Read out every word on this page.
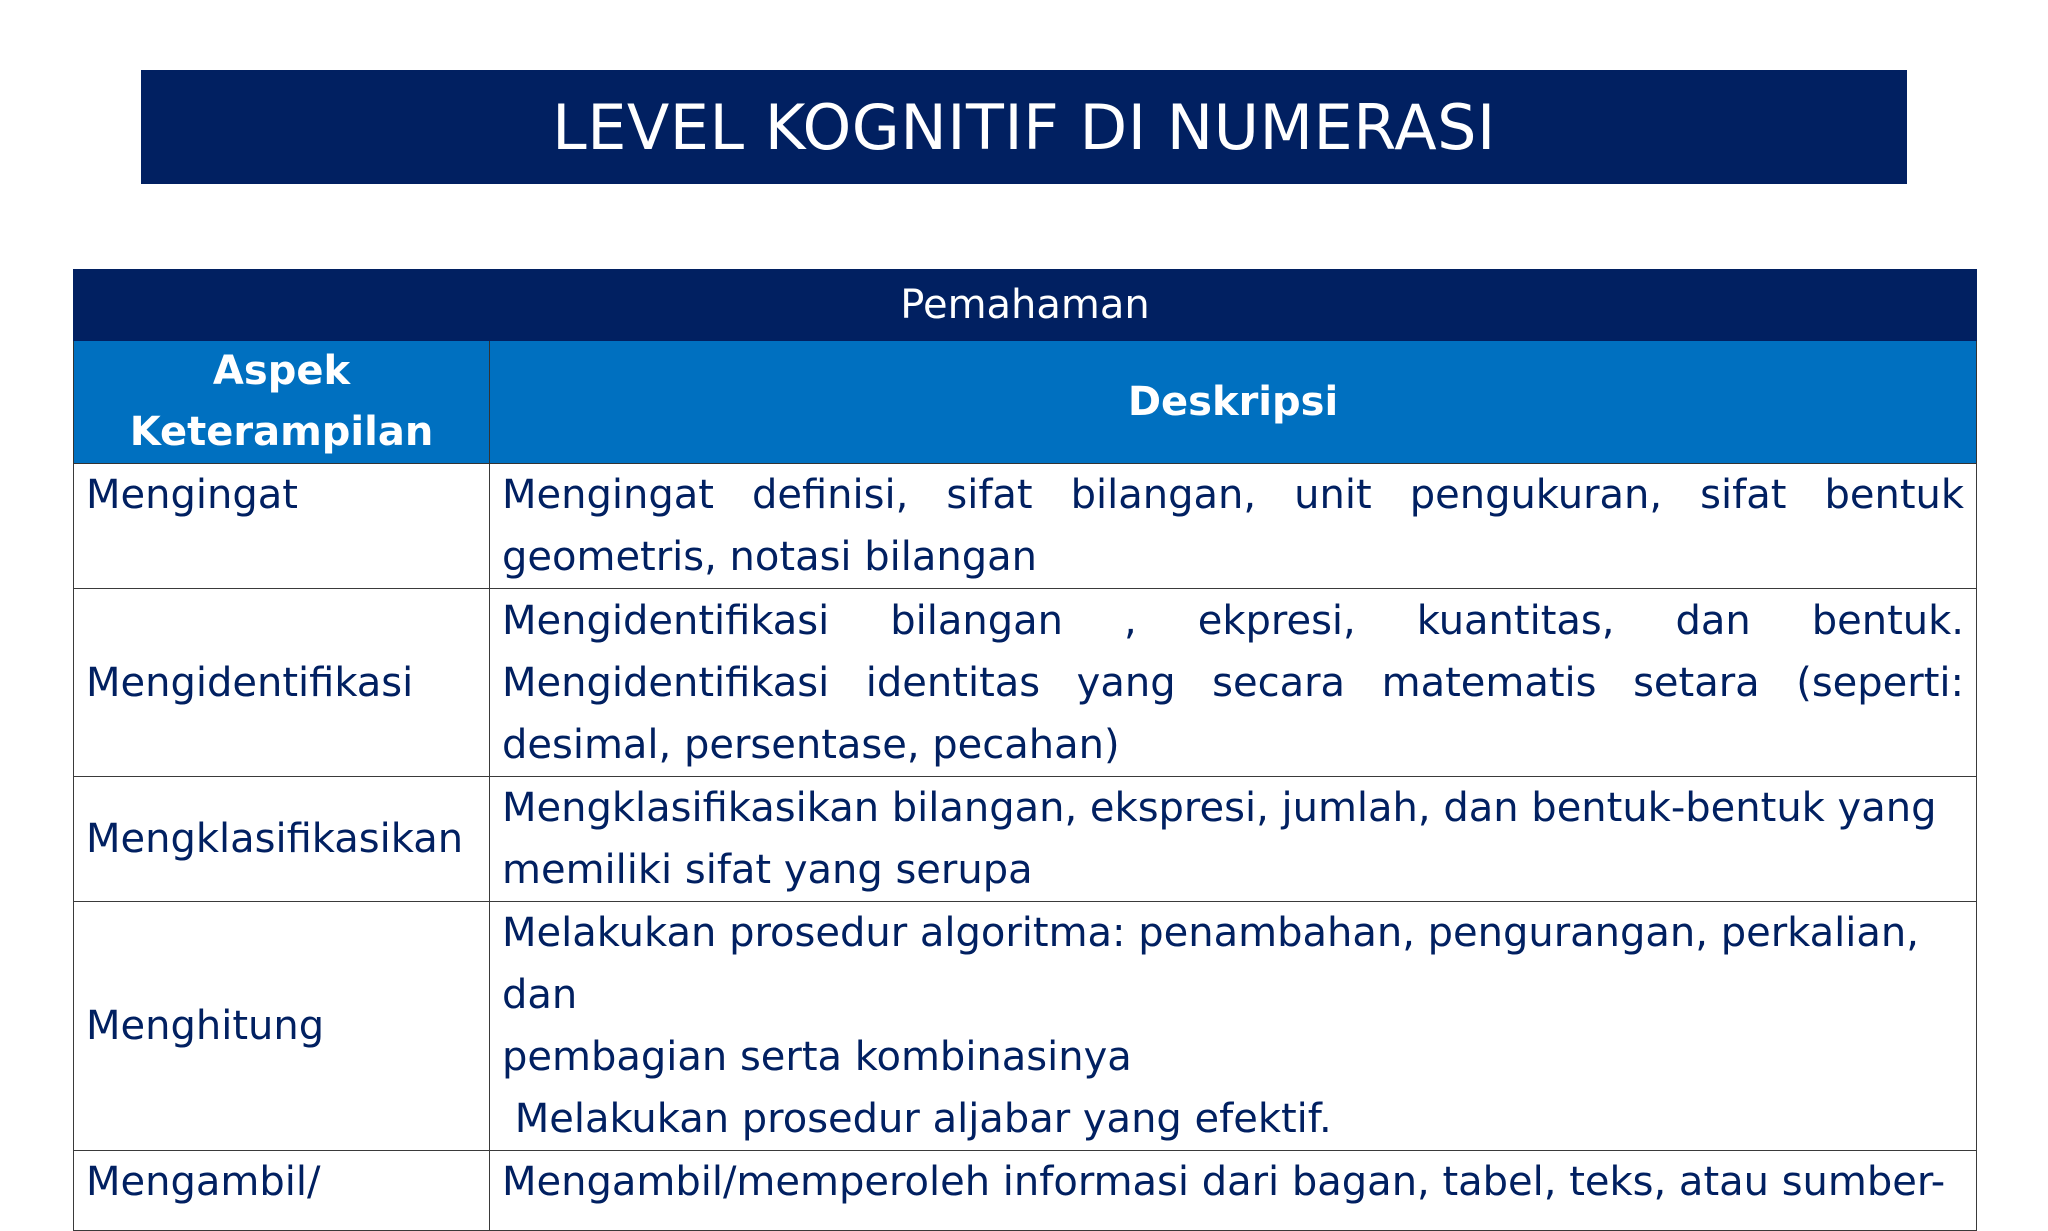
LEVEL KOGNITIF DI NUMERASI
Pemahaman	

Aspek
Keterampilan	Deskripsi
Mengingat	Mengingat definisi, sifat bilangan, unit pengukuran, sifat bentuk geometris, notasi bilangan
Mengidentifikasi	Mengidentifikasi bilangan , ekpresi, kuantitas, dan bentuk. Mengidentifikasi identitas yang secara matematis setara (seperti: desimal, persentase, pecahan)
Mengklasifikasikan	Mengklasifikasikan bilangan, ekspresi, jumlah, dan bentuk-bentuk yang
memiliki sifat yang serupa

Menghitung	Melakukan prosedur algoritma: penambahan, pengurangan, perkalian, dan
pembagian serta kombinasinya
Melakukan prosedur aljabar yang efektif.

Mengambil/	Mengambil/memperoleh informasi dari bagan, tabel, teks, atau sumber-
